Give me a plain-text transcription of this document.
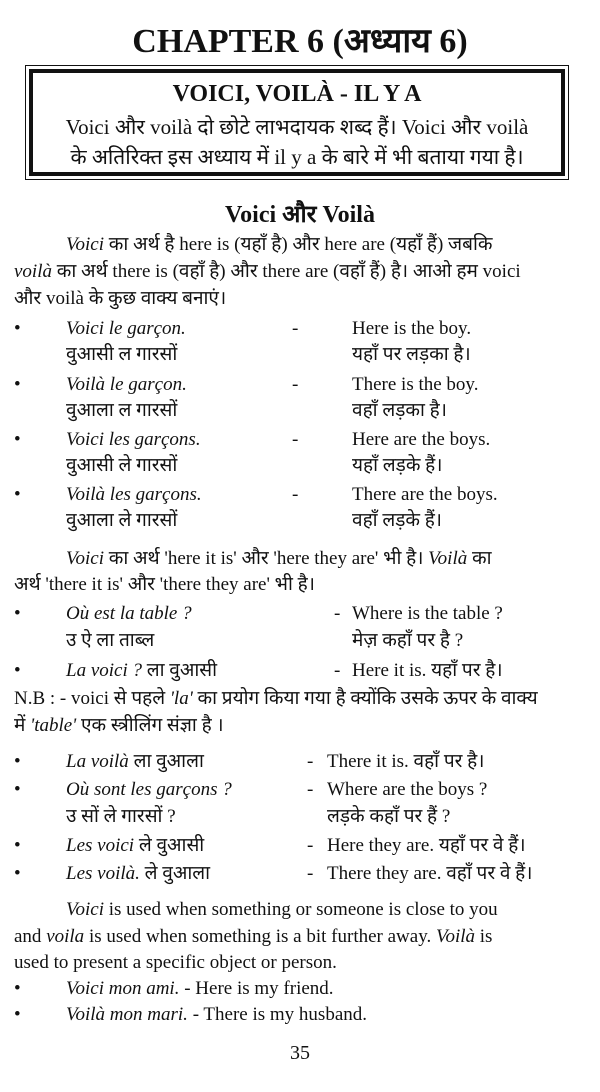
CHAPTER 6 (अध्याय 6)
VOICI, VOILÀ - IL Y A
Voici और voilà दो छोटे लाभदायक शब्द हैं। Voici और voilà
के अतिरिक्त इस अध्याय में il y a के बारे में भी बताया गया है।
Voici और Voilà
Voici का अर्थ है here is (यहाँ है) और here are (यहाँ हैं) जबकि
voilà का अर्थ there is (वहाँ है) और there are (वहाँ हैं) है। आओ हम voici
और voilà के कुछ वाक्य बनाएं।
• Voici le garçon.	-	Here is the boy.
वुआसी ल गारसों	यहाँ पर लड़का है।
• Voilà le garçon.	-	There is the boy.
वुआला ल गारसों	वहाँ लड़का है।
• Voici les garçons.	-	Here are the boys.
वुआसी ले गारसों	यहाँ लड़के हैं।
• Voilà les garçons.	-	There are the boys.
वुआला ले गारसों	वहाँ लड़के हैं।
Voici का अर्थ 'here it is' और 'here they are' भी है। Voilà का
अर्थ 'there it is' और 'there they are' भी है।
• Où est la table ?	- Where is the table ?
उ ऐ ला ताब्ल	मेज़ कहाँ पर है ?
• La voici ? ला वुआसी	- Here it is. यहाँ पर है।
N.B : - voici से पहले 'la' का प्रयोग किया गया है क्योंकि उसके ऊपर के वाक्य
में 'table' एक स्त्रीलिंग संज्ञा है ।
• La voilà ला वुआला	- There it is. वहाँ पर है।
• Où sont les garçons ?	- Where are the boys ?
उ सों ले गारसों ?	लड़के कहाँ पर हैं ?
• Les voici ले वुआसी	- Here they are. यहाँ पर वे हैं।
• Les voilà. ले वुआला	- There they are. वहाँ पर वे हैं।
Voici is used when something or someone is close to you
and voila is used when something is a bit further away. Voilà is
used to present a specific object or person.
• Voici mon ami. - Here is my friend.
• Voilà mon mari. - There is my husband.
35
